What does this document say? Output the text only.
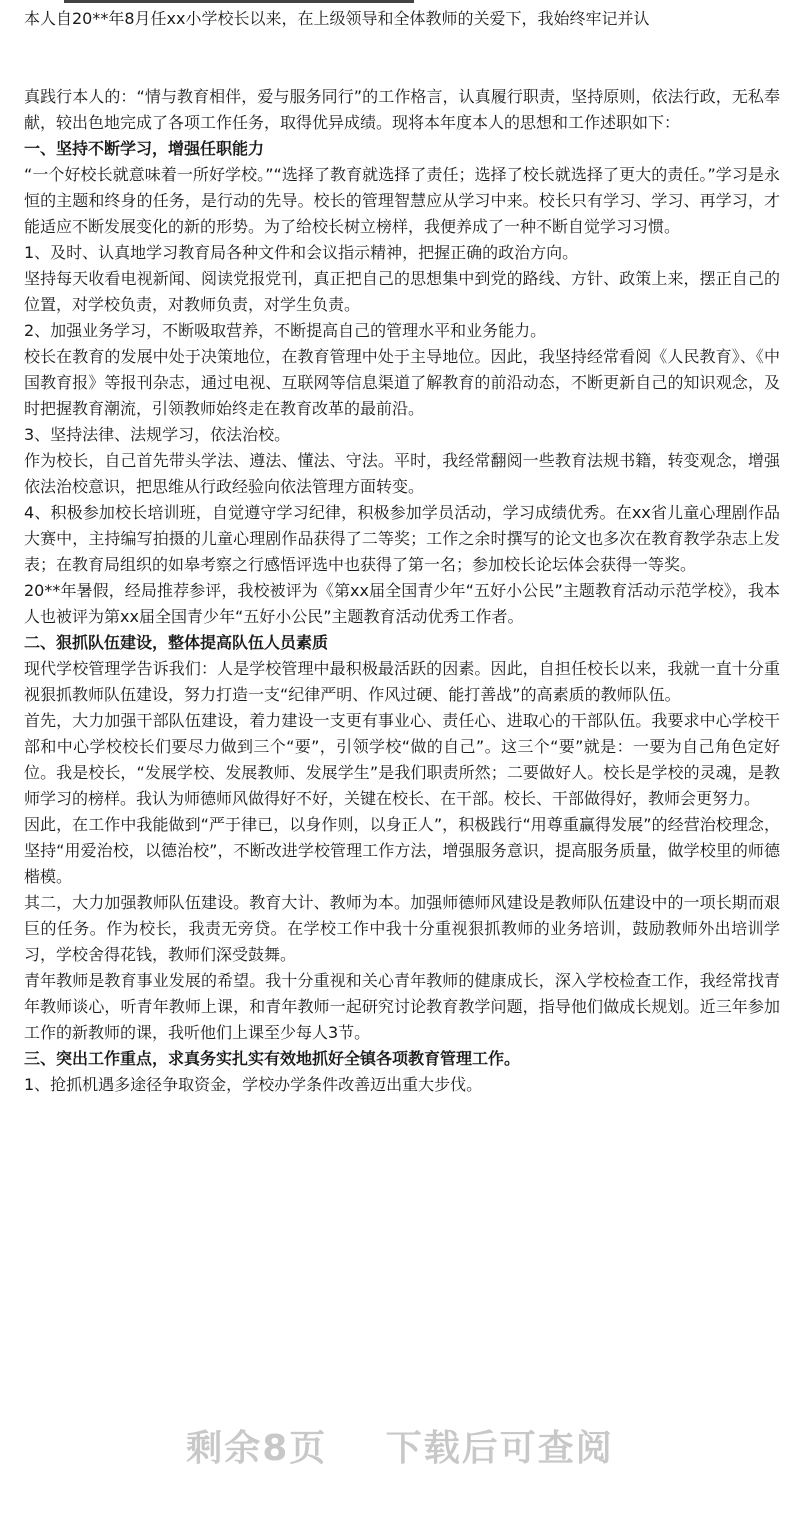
本人自20**年8月任xx小学校长以来，在上级领导和全体教师的关爱下，我始终牢记并认

真践行本人的：“情与教育相伴，爱与服务同行”的工作格言，认真履行职责，坚持原则，依法行政，无私奉献，较出色地完成了各项工作任务，取得优异成绩。现将本年度本人的思想和工作述职如下：

一、坚持不断学习，增强任职能力

“一个好校长就意味着一所好学校。”“选择了教育就选择了责任；选择了校长就选择了更大的责任。”学习是永恒的主题和终身的任务，是行动的先导。校长的管理智慧应从学习中来。校长只有学习、学习、再学习，才能适应不断发展变化的新的形势。为了给校长树立榜样，我便养成了一种不断自觉学习习惯。

1、及时、认真地学习教育局各种文件和会议指示精神，把握正确的政治方向。

坚持每天收看电视新闻、阅读党报党刊，真正把自己的思想集中到党的路线、方针、政策上来，摆正自己的位置，对学校负责，对教师负责，对学生负责。

2、加强业务学习，不断吸取营养，不断提高自己的管理水平和业务能力。

校长在教育的发展中处于决策地位，在教育管理中处于主导地位。因此，我坚持经常看阅《人民教育》、《中国教育报》等报刊杂志，通过电视、互联网等信息渠道了解教育的前沿动态，不断更新自己的知识观念，及时把握教育潮流，引领教师始终走在教育改革的最前沿。

3、坚持法律、法规学习，依法治校。

作为校长，自己首先带头学法、遵法、懂法、守法。平时，我经常翻阅一些教育法规书籍，转变观念，增强依法治校意识，把思维从行政经验向依法管理方面转变。

4、积极参加校长培训班，自觉遵守学习纪律，积极参加学员活动，学习成绩优秀。在xx省儿童心理剧作品大赛中，主持编写拍摄的儿童心理剧作品获得了二等奖；工作之余时撰写的论文也多次在教育教学杂志上发表；在教育局组织的如皋考察之行感悟评选中也获得了第一名；参加校长论坛体会获得一等奖。

20**年暑假，经局推荐参评，我校被评为《第xx届全国青少年“五好小公民”主题教育活动示范学校》，我本人也被评为第xx届全国青少年“五好小公民”主题教育活动优秀工作者。

二、狠抓队伍建设，整体提高队伍人员素质

现代学校管理学告诉我们：人是学校管理中最积极最活跃的因素。因此，自担任校长以来，我就一直十分重视狠抓教师队伍建设，努力打造一支“纪律严明、作风过硬、能打善战”的高素质的教师队伍。

首先，大力加强干部队伍建设，着力建设一支更有事业心、责任心、进取心的干部队伍。我要求中心学校干部和中心学校校长们要尽力做到三个“要”，引领学校“做的自己”。这三个“要”就是：一要为自己角色定好位。我是校长，“发展学校、发展教师、发展学生”是我们职责所然；二要做好人。校长是学校的灵魂，是教师学习的榜样。我认为师德师风做得好不好，关键在校长、在干部。校长、干部做得好，教师会更努力。

因此，在工作中我能做到“严于律已，以身作则，以身正人”，积极践行“用尊重赢得发展”的经营治校理念，坚持“用爱治校，以德治校”，不断改进学校管理工作方法，增强服务意识，提高服务质量，做学校里的师德楷模。

其二，大力加强教师队伍建设。教育大计、教师为本。加强师德师风建设是教师队伍建设中的一项长期而艰巨的任务。作为校长，我责无旁贷。在学校工作中我十分重视狠抓教师的业务培训，鼓励教师外出培训学习，学校舍得花钱，教师们深受鼓舞。

青年教师是教育事业发展的希望。我十分重视和关心青年教师的健康成长，深入学校检查工作，我经常找青年教师谈心，听青年教师上课，和青年教师一起研究讨论教育教学问题，指导他们做成长规划。近三年参加工作的新教师的课，我听他们上课至少每人3节。

三、突出工作重点，求真务实扎实有效地抓好全镇各项教育管理工作。

1、抢抓机遇多途径争取资金，学校办学条件改善迈出重大步伐。

剩余8页 下载后可查阅
